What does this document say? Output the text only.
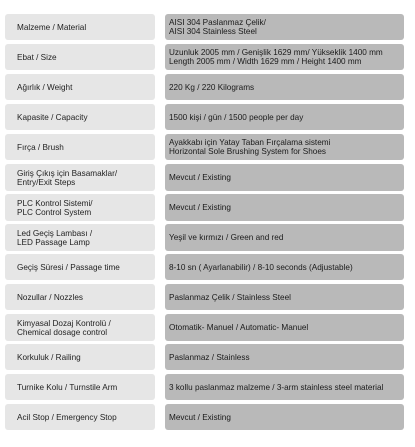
Malzeme / Material	AISI 304 Paslanmaz Çelik/
AISI 304 Stainless Steel
Ebat / Size	Uzunluk 2005 mm / Genişlik 1629 mm/ Yükseklik 1400 mm
Length 2005 mm / Width 1629 mm / Height 1400 mm
Ağırlık / Weight	220 Kg / 220 Kilograms
Kapasite / Capacity	1500 kişi / gün / 1500 people per day
Fırça / Brush	Ayakkabı için Yatay Taban Fırçalama sistemi
Horizontal Sole Brushing System for Shoes
Giriş Çıkış için Basamaklar/
Entry/Exit Steps	Mevcut / Existing
PLC Kontrol Sistemi/
PLC Control System	Mevcut / Existing
Led Geçiş Lambası /
LED Passage Lamp	Yeşil ve kırmızı / Green and red
Geçiş Süresi / Passage time	8-10 sn ( Ayarlanabilir) / 8-10 seconds (Adjustable)
Nozullar / Nozzles	Paslanmaz Çelik / Stainless Steel
Kimyasal Dozaj Kontrolü /
Chemical dosage control	Otomatik- Manuel / Automatic- Manuel
Korkuluk / Railing	Paslanmaz / Stainless
Turnike Kolu / Turnstile Arm	3 kollu paslanmaz malzeme / 3-arm stainless steel material
Acil Stop / Emergency Stop	Mevcut / Existing
